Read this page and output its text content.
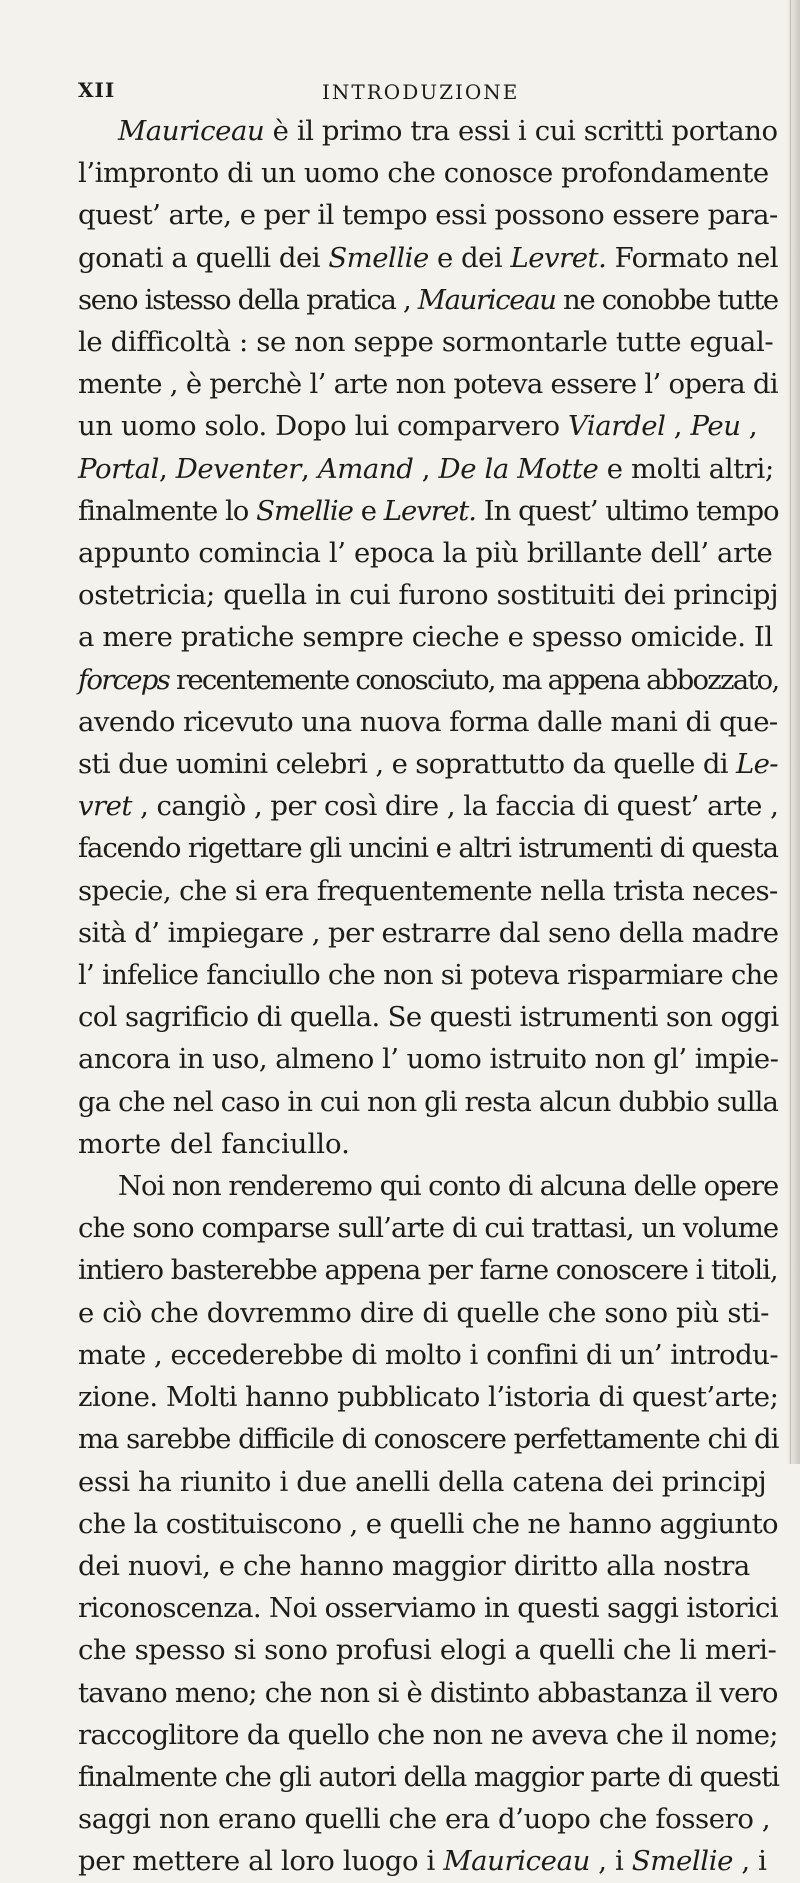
XII	INTRODUZIONE
Mauriceau è il primo tra essi i cui scritti portano
l’impronto di un uomo che conosce profondamente
quest’ arte, e per il tempo essi possono essere para-
gonati a quelli dei Smellie e dei Levret. Formato nel
seno istesso della pratica , Mauriceau ne conobbe tutte
le difficoltà : se non seppe sormontarle tutte egual-
mente , è perchè l’ arte non poteva essere l’ opera di
un uomo solo. Dopo lui comparvero Viardel , Peu ,
Portal, Deventer, Amand , De la Motte e molti altri;
finalmente lo Smellie e Levret. In quest’ ultimo tempo
appunto comincia l’ epoca la più brillante dell’ arte
ostetricia; quella in cui furono sostituiti dei principj
a mere pratiche sempre cieche e spesso omicide. Il
forceps recentemente conosciuto, ma appena abbozzato,
avendo ricevuto una nuova forma dalle mani di que-
sti due uomini celebri , e soprattutto da quelle di Le-
vret , cangiò , per così dire , la faccia di quest’ arte ,
facendo rigettare gli uncini e altri istrumenti di questa
specie, che si era frequentemente nella trista neces-
sità d’ impiegare , per estrarre dal seno della madre
l’ infelice fanciullo che non si poteva risparmiare che
col sagrificio di quella. Se questi istrumenti son oggi
ancora in uso, almeno l’ uomo istruito non gl’ impie-
ga che nel caso in cui non gli resta alcun dubbio sulla
morte del fanciullo.
Noi non renderemo qui conto di alcuna delle opere
che sono comparse sull’arte di cui trattasi, un volume
intiero basterebbe appena per farne conoscere i titoli,
e ciò che dovremmo dire di quelle che sono più sti-
mate , eccederebbe di molto i confini di un’ introdu-
zione. Molti hanno pubblicato l’istoria di quest’arte;
ma sarebbe difficile di conoscere perfettamente chi di
essi ha riunito i due anelli della catena dei principj
che la costituiscono , e quelli che ne hanno aggiunto
dei nuovi, e che hanno maggior diritto alla nostra
riconoscenza. Noi osserviamo in questi saggi istorici
che spesso si sono profusi elogi a quelli che li meri-
tavano meno; che non si è distinto abbastanza il vero
raccoglitore da quello che non ne aveva che il nome;
finalmente che gli autori della maggior parte di questi
saggi non erano quelli che era d’uopo che fossero ,
per mettere al loro luogo i Mauriceau , i Smellie , i
